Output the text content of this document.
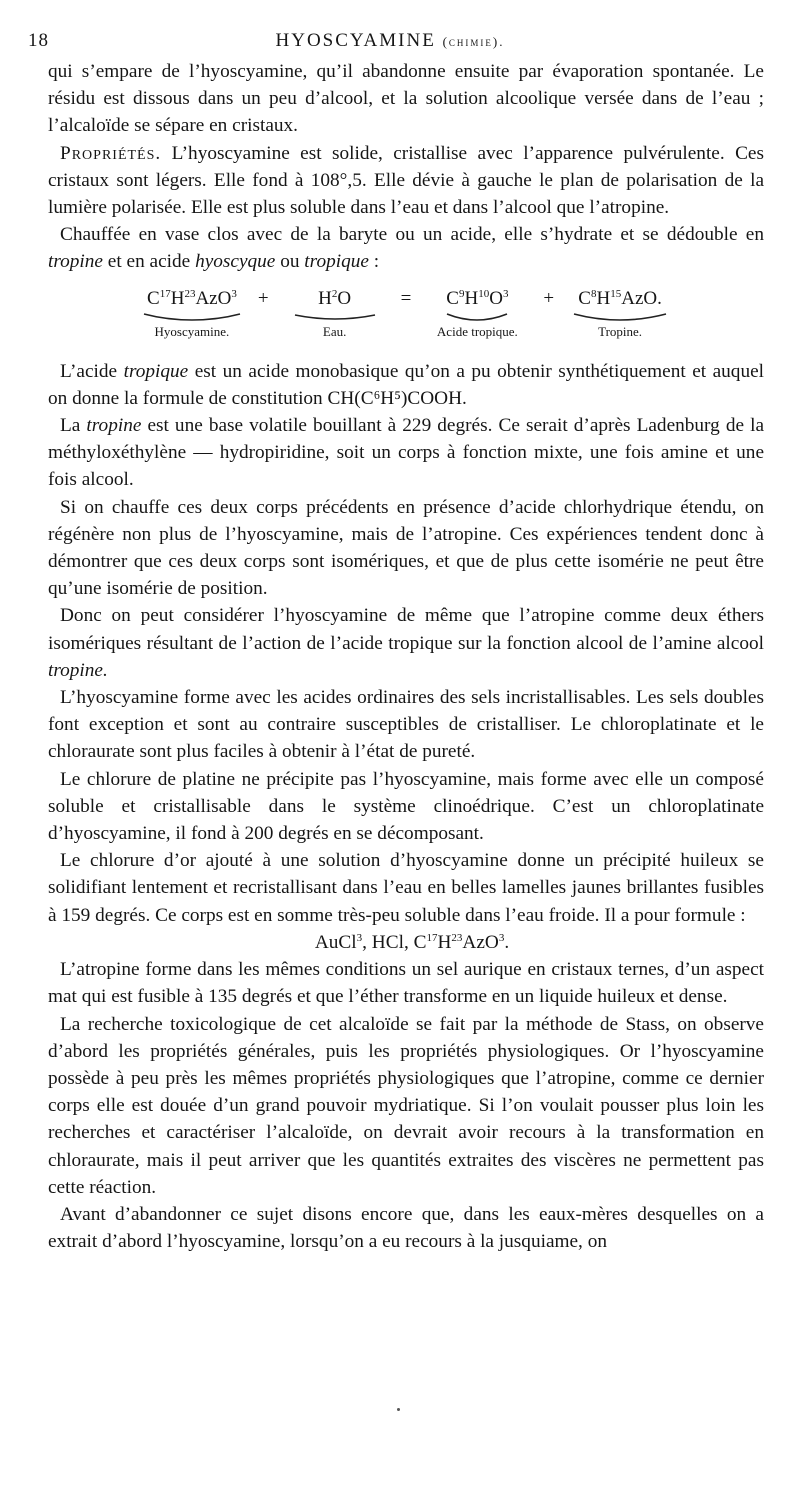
18	HYOSCYAMINE (chimie).

qui s’empare de l’hyoscyamine, qu’il abandonne ensuite par évaporation spontanée. Le résidu est dissous dans un peu d’alcool, et la solution alcoolique versée dans de l’eau ; l’alcaloïde se sépare en cristaux.

Propriétés. L’hyoscyamine est solide, cristallise avec l’apparence pulvérulente. Ces cristaux sont légers. Elle fond à 108°,5. Elle dévie à gauche le plan de polarisation de la lumière polarisée. Elle est plus soluble dans l’eau et dans l’alcool que l’atropine.

Chauffée en vase clos avec de la baryte ou un acide, elle s’hydrate et se dédouble en tropine et en acide hyoscyque ou tropique :

$C^{17}H^{23}AzO^3$
Hyoscyamine.
+	$H^2O$
Eau.
= $C^9H^{10}O^3$
Acide tropique.
+ $C^8H^{15}AzO$.
Tropine.

L’acide tropique est un acide monobasique qu’on a pu obtenir synthétiquement et auquel on donne la formule de constitution CH(C⁶H⁵)COOH.

La tropine est une base volatile bouillant à 229 degrés. Ce serait d’après Ladenburg de la méthyloxéthylène — hydropiridine, soit un corps à fonction mixte, une fois amine et une fois alcool.

Si on chauffe ces deux corps précédents en présence d’acide chlorhydrique étendu, on régénère non plus de l’hyoscyamine, mais de l’atropine. Ces expériences tendent donc à démontrer que ces deux corps sont isomériques, et que de plus cette isomérie ne peut être qu’une isomérie de position.

Donc on peut considérer l’hyoscyamine de même que l’atropine comme deux éthers isomériques résultant de l’action de l’acide tropique sur la fonction alcool de l’amine alcool tropine.

L’hyoscyamine forme avec les acides ordinaires des sels incristallisables. Les sels doubles font exception et sont au contraire susceptibles de cristalliser. Le chloroplatinate et le chloraurate sont plus faciles à obtenir à l’état de pureté.

Le chlorure de platine ne précipite pas l’hyoscyamine, mais forme avec elle un composé soluble et cristallisable dans le système clinoédrique. C’est un chloroplatinate d’hyoscyamine, il fond à 200 degrés en se décomposant.

Le chlorure d’or ajouté à une solution d’hyoscyamine donne un précipité huileux se solidifiant lentement et recristallisant dans l’eau en belles lamelles jaunes brillantes fusibles à 159 degrés. Ce corps est en somme très-peu soluble dans l’eau froide. Il a pour formule :

AuCl$^3$, HCl, $C^{17}H^{23}AzO^3$.

L’atropine forme dans les mêmes conditions un sel aurique en cristaux ternes, d’un aspect mat qui est fusible à 135 degrés et que l’éther transforme en un liquide huileux et dense.

La recherche toxicologique de cet alcaloïde se fait par la méthode de Stass, on observe d’abord les propriétés générales, puis les propriétés physiologiques. Or l’hyoscyamine possède à peu près les mêmes propriétés physiologiques que l’atropine, comme ce dernier corps elle est douée d’un grand pouvoir mydriatique. Si l’on voulait pousser plus loin les recherches et caractériser l’alcaloïde, on devrait avoir recours à la transformation en chloraurate, mais il peut arriver que les quantités extraites des viscères ne permettent pas cette réaction.

Avant d’abandonner ce sujet disons encore que, dans les eaux-mères desquelles on a extrait d’abord l’hyoscyamine, lorsqu’on a eu recours à la jusquiame, on
